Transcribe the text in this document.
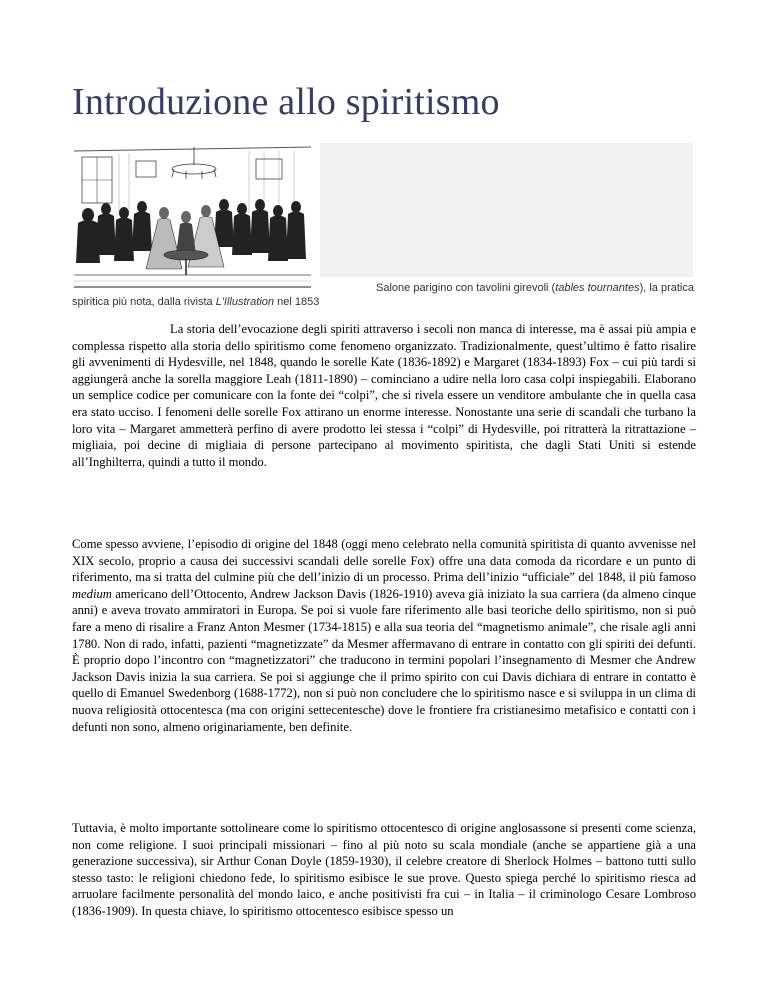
Introduzione allo spiritismo
Salone parigino con tavolini girevoli (tables tournantes), la pratica
spiritica più nota, dalla rivista L'Illustration nel 1853

La storia dell’evocazione degli spiriti attraverso i secoli non manca di interesse, ma è assai più ampia e complessa rispetto alla storia dello spiritismo come fenomeno organizzato. Tradizionalmente, quest’ultimo è fatto risalire gli avvenimenti di Hydesville, nel 1848, quando le sorelle Kate (1836-1892) e Margaret (1834-1893) Fox – cui più tardi si aggiungerà anche la sorella maggiore Leah (1811-1890) – cominciano a udire nella loro casa colpi inspiegabili. Elaborano un semplice codice per comunicare con la fonte dei “colpi”, che si rivela essere un venditore ambulante che in quella casa era stato ucciso. I fenomeni delle sorelle Fox attirano un enorme interesse. Nonostante una serie di scandali che turbano la loro vita – Margaret ammetterà perfino di avere prodotto lei stessa i “colpi” di Hydesville, poi ritratterà la ritrattazione – migliaia, poi decine di migliaia di persone partecipano al movimento spiritista, che dagli Stati Uniti si estende all’Inghilterra, quindi a tutto il mondo.

Come spesso avviene, l’episodio di origine del 1848 (oggi meno celebrato nella comunità spiritista di quanto avvenisse nel XIX secolo, proprio a causa dei successivi scandali delle sorelle Fox) offre una data comoda da ricordare e un punto di riferimento, ma si tratta del culmine più che dell’inizio di un processo. Prima dell’inizio “ufficiale” del 1848, il più famoso medium americano dell’Ottocento, Andrew Jackson Davis (1826-1910) aveva già iniziato la sua carriera (da almeno cinque anni) e aveva trovato ammiratori in Europa. Se poi si vuole fare riferimento alle basi teoriche dello spiritismo, non si può fare a meno di risalire a Franz Anton Mesmer (1734-1815) e alla sua teoria del “magnetismo animale”, che risale agli anni 1780. Non di rado, infatti, pazienti “magnetizzate” da Mesmer affermavano di entrare in contatto con gli spiriti dei defunti. È proprio dopo l’incontro con “magnetizzatori” che traducono in termini popolari l’insegnamento di Mesmer che Andrew Jackson Davis inizia la sua carriera. Se poi si aggiunge che il primo spirito con cui Davis dichiara di entrare in contatto è quello di Emanuel Swedenborg (1688-1772), non si può non concludere che lo spiritismo nasce e si sviluppa in un clima di nuova religiosità ottocentesca (ma con origini settecentesche) dove le frontiere fra cristianesimo metafisico e contatti con i defunti non sono, almeno originariamente, ben definite.

Tuttavia, è molto importante sottolineare come lo spiritismo ottocentesco di origine anglosassone si presenti come scienza, non come religione. I suoi principali missionari – fino al più noto su scala mondiale (anche se appartiene già a una generazione successiva), sir Arthur Conan Doyle (1859-1930), il celebre creatore di Sherlock Holmes – battono tutti sullo stesso tasto: le religioni chiedono fede, lo spiritismo esibisce le sue prove. Questo spiega perché lo spiritismo riesca ad arruolare facilmente personalità del mondo laico, e anche positivisti fra cui – in Italia – il criminologo Cesare Lombroso (1836-1909). In questa chiave, lo spiritismo ottocentesco esibisce spesso un
